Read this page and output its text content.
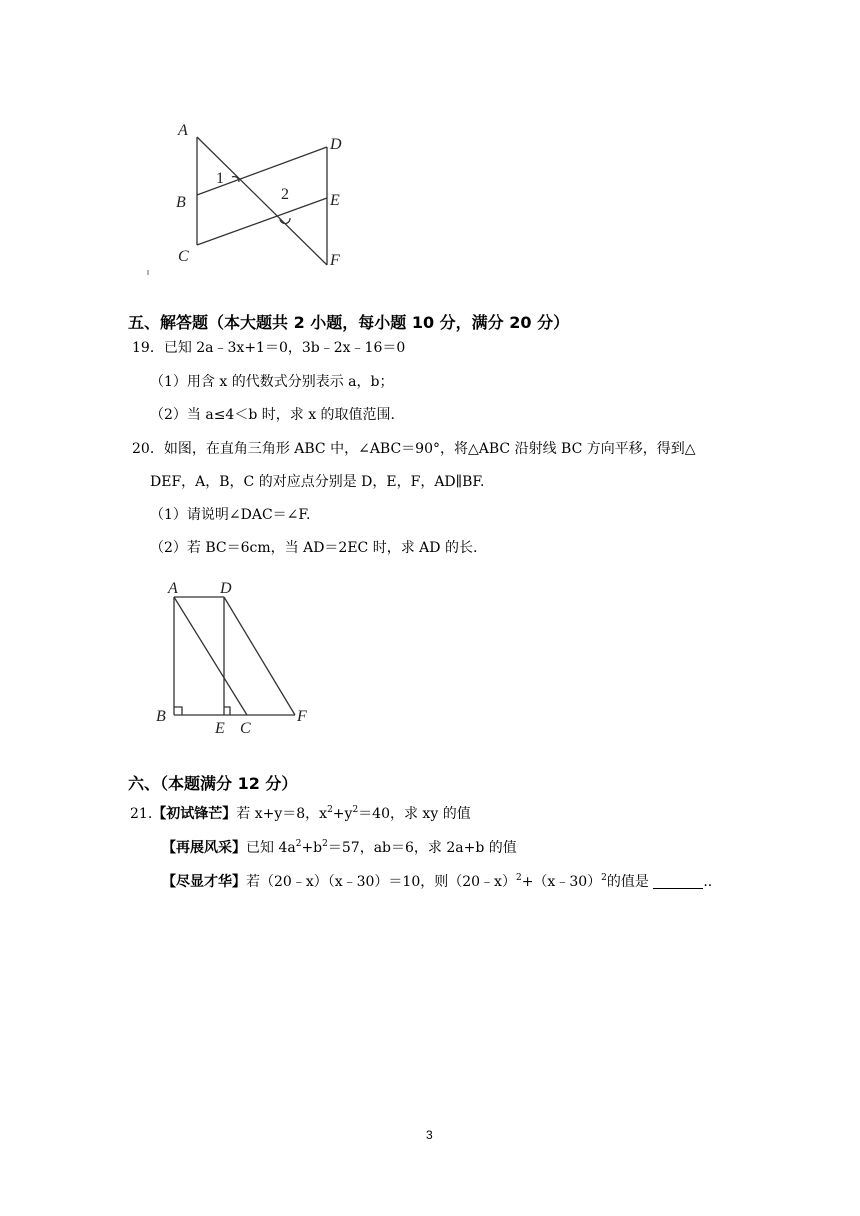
A
B
C
D
E
F
1
2
五、解答题（本大题共 2 小题，每小题 10 分，满分 20 分）
19．已知 2a﹣3x+1＝0，3b﹣2x﹣16＝0
（1）用含 x 的代数式分别表示 a，b；
（2）当 a≤4＜b 时，求 x 的取值范围.
20．如图，在直角三角形 ABC 中，∠ABC＝90°，将△ABC 沿射线 BC 方向平移，得到△
DEF，A，B，C 的对应点分别是 D，E，F，AD∥BF.
（1）请说明∠DAC＝∠F.
（2）若 BC＝6cm，当 AD＝2EC 时，求 AD 的长.
A	D
B
E C
F
六、（本题满分 12 分）
21.【初试锋芒】若 x+y＝8，$x^2+y^2=40$，求 xy 的值
【再展风采】已知 $4a^2+b^2=57$，ab＝6，求 2a+b 的值
【尽显才华】若（20﹣x）（x﹣30）＝10，则（20﹣x）$^2$+（x﹣30）$^2$的值是	..
3
